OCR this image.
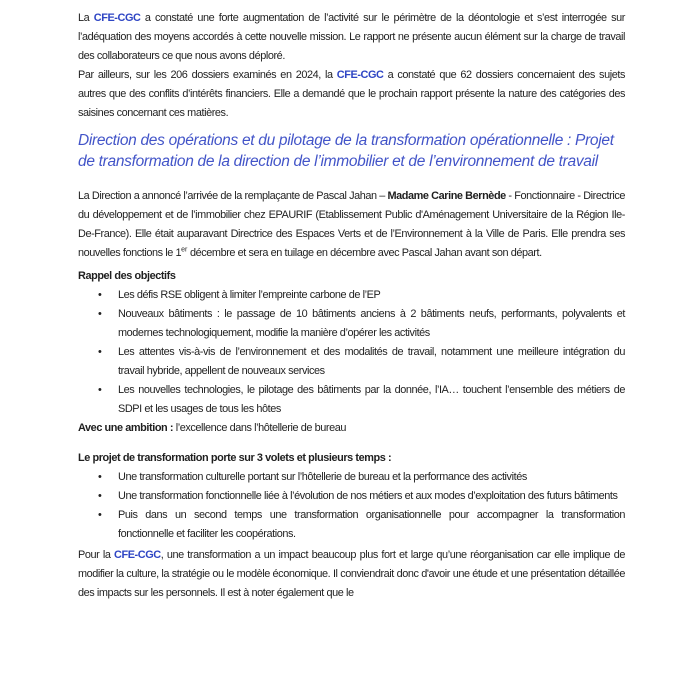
La CFE-CGC a constaté une forte augmentation de l’activité sur le périmètre de la déontologie et s’est interrogée sur l’adéquation des moyens accordés à cette nouvelle mission. Le rapport ne présente aucun élément sur la charge de travail des collaborateurs ce que nous avons déploré.

Par ailleurs, sur les 206 dossiers examinés en 2024, la CFE-CGC a constaté que 62 dossiers concernaient des sujets autres que des conflits d’intérêts financiers. Elle a demandé que le prochain rapport présente la nature des catégories des saisines concernant ces matières.

Direction des opérations et du pilotage de la transformation opérationnelle : Projet de transformation de la direction de l’immobilier et de l’environnement de travail

La Direction a annoncé l’arrivée de la remplaçante de Pascal Jahan – Madame Carine Bernède - Fonctionnaire - Directrice du développement et de l’immobilier chez EPAURIF (Etablissement Public d'Aménagement Universitaire de la Région Ile-De-France). Elle était auparavant Directrice des Espaces Verts et de l’Environnement à la Ville de Paris. Elle prendra ses nouvelles fonctions le 1er décembre et sera en tuilage en décembre avec Pascal Jahan avant son départ.

Rappel des objectifs

• Les défis RSE obligent à limiter l’empreinte carbone de l’EP
• Nouveaux bâtiments : le passage de 10 bâtiments anciens à 2 bâtiments neufs, performants, polyvalents et modernes technologiquement, modifie la manière d’opérer les activités
• Les attentes vis-à-vis de l’environnement et des modalités de travail, notamment une meilleure intégration du travail hybride, appellent de nouveaux services
• Les nouvelles technologies, le pilotage des bâtiments par la donnée, l’IA… touchent l’ensemble des métiers de SDPI et les usages de tous les hôtes

Avec une ambition : l’excellence dans l’hôtellerie de bureau

Le projet de transformation porte sur 3 volets et plusieurs temps :

• Une transformation culturelle portant sur l’hôtellerie de bureau et la performance des activités
• Une transformation fonctionnelle liée à l’évolution de nos métiers et aux modes d’exploitation des futurs bâtiments
• Puis dans un second temps une transformation organisationnelle pour accompagner la transformation fonctionnelle et faciliter les coopérations.

Pour la CFE-CGC, une transformation a un impact beaucoup plus fort et large qu’une réorganisation car elle implique de modifier la culture, la stratégie ou le modèle économique. Il conviendrait donc d'avoir une étude et une présentation détaillée des impacts sur les personnels. Il est à noter également que le
